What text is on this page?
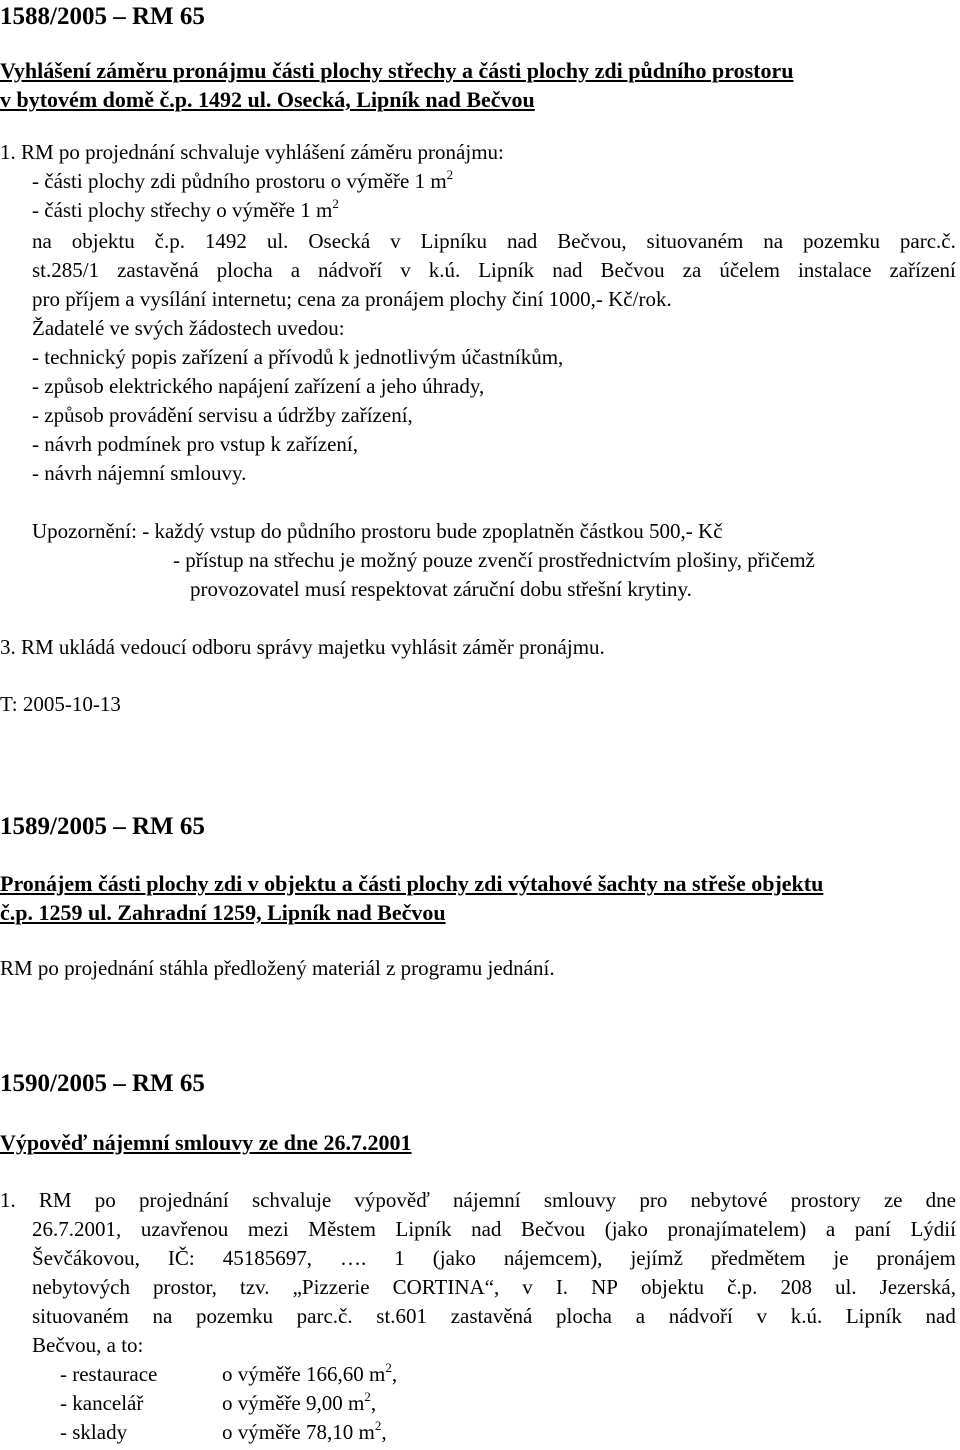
1588/2005 – RM 65
Vyhlášení záměru pronájmu části plochy střechy a části plochy zdi půdního prostoru
v bytovém domě č.p. 1492 ul. Osecká, Lipník nad Bečvou
1. RM po projednání schvaluje vyhlášení záměru pronájmu:
- části plochy zdi půdního prostoru o výměře 1 $m^2$
- části plochy střechy o výměře 1 $m^2$
na objektu č.p. 1492 ul. Osecká v Lipníku nad Bečvou, situovaném na pozemku parc.č.
st.285/1 zastavěná plocha a nádvoří v k.ú. Lipník nad Bečvou za účelem instalace zařízení
pro příjem a vysílání internetu; cena za pronájem plochy činí 1000,- Kč/rok.
Žadatelé ve svých žádostech uvedou:
- technický popis zařízení a přívodů k jednotlivým účastníkům,
- způsob elektrického napájení zařízení a jeho úhrady,
- způsob provádění servisu a údržby zařízení,
- návrh podmínek pro vstup k zařízení,
- návrh nájemní smlouvy.
Upozornění: - každý vstup do půdního prostoru bude zpoplatněn částkou 500,- Kč
- přístup na střechu je možný pouze zvenčí prostřednictvím plošiny, přičemž
provozovatel musí respektovat záruční dobu střešní krytiny.
3. RM ukládá vedoucí odboru správy majetku vyhlásit záměr pronájmu.
T: 2005-10-13
1589/2005 – RM 65
Pronájem části plochy zdi v objektu a části plochy zdi výtahové šachty na střeše objektu
č.p. 1259 ul. Zahradní 1259, Lipník nad Bečvou
RM po projednání stáhla předložený materiál z programu jednání.
1590/2005 – RM 65
Výpověď nájemní smlouvy ze dne 26.7.2001
1. RM po projednání schvaluje výpověď nájemní smlouvy pro nebytové prostory ze dne
26.7.2001, uzavřenou mezi Městem Lipník nad Bečvou (jako pronajímatelem) a paní Lýdií
Ševčákovou, IČ: 45185697, …. 1 (jako nájemcem), jejímž předmětem je pronájem
nebytových prostor, tzv. „Pizzerie CORTINA“, v I. NP objektu č.p. 208 ul. Jezerská,
situovaném na pozemku parc.č. st.601 zastavěná plocha a nádvoří v k.ú. Lipník nad
Bečvou, a to:
- restaurace	o výměře 166,60 $m^2$,
- kancelář	o výměře 9,00 $m^2$,
- sklady	o výměře 78,10 $m^2$,
